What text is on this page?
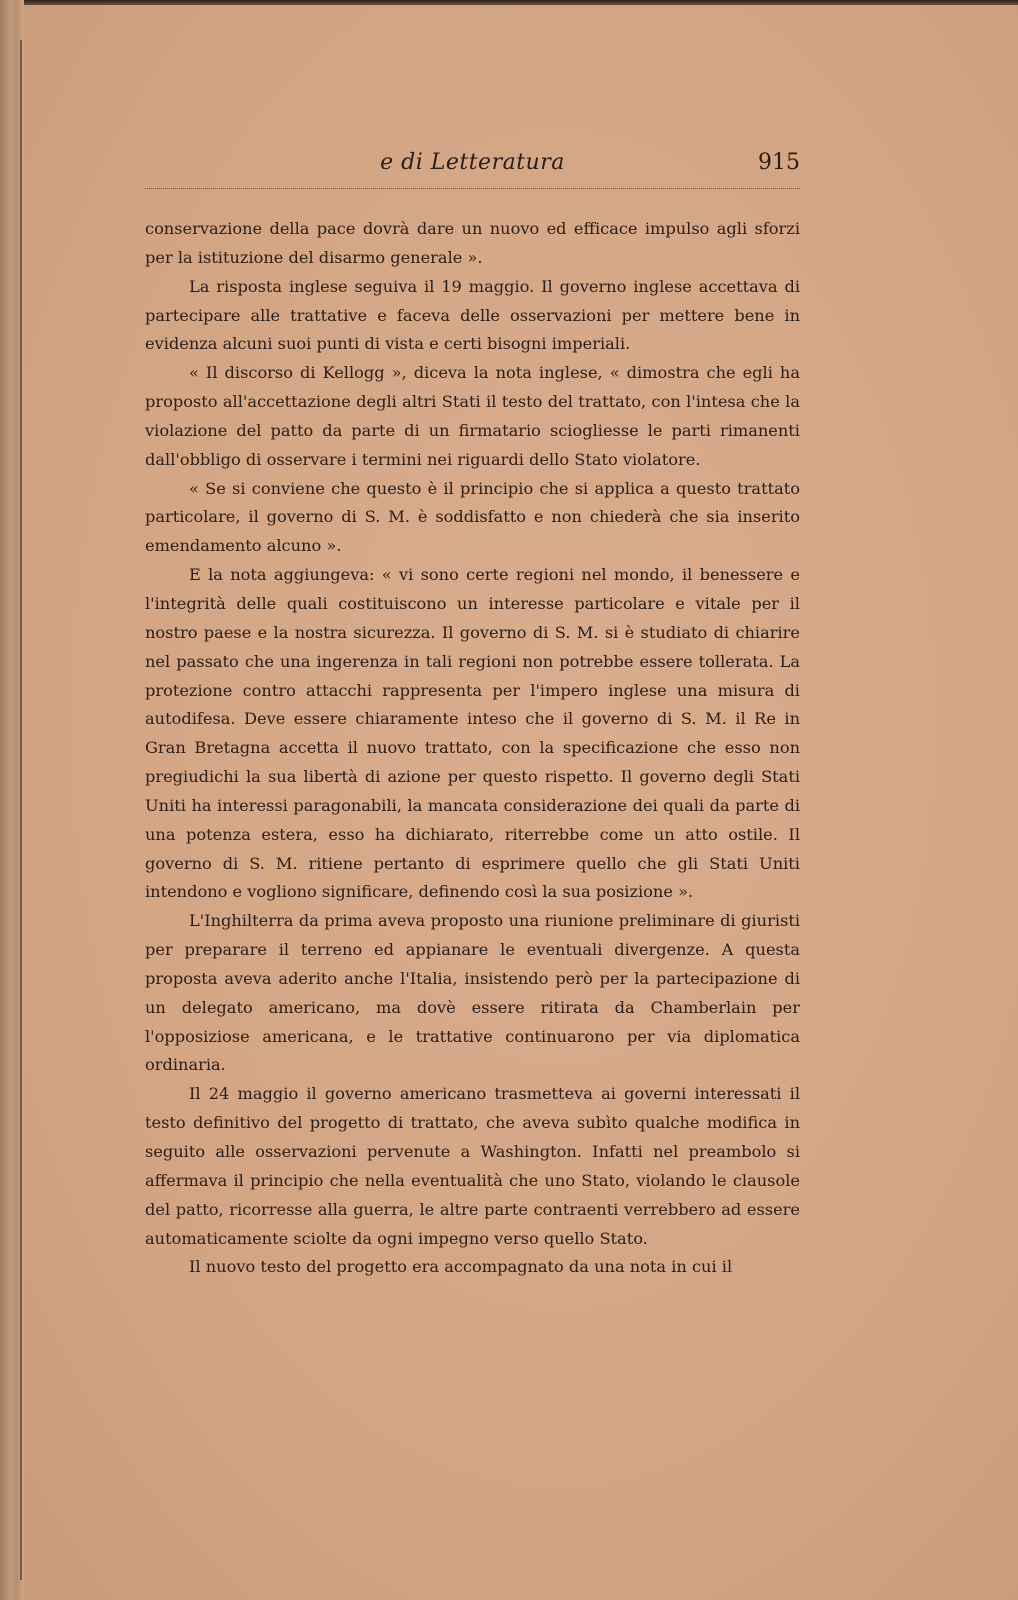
e di Letteratura	915

conservazione della pace dovrà dare un nuovo ed efficace impulso agli sforzi per la istituzione del disarmo generale ».

La risposta inglese seguiva il 19 maggio. Il governo inglese accettava di partecipare alle trattative e faceva delle osservazioni per mettere bene in evidenza alcuni suoi punti di vista e certi bisogni imperiali.

« Il discorso di Kellogg », diceva la nota inglese, « dimostra che egli ha proposto all'accettazione degli altri Stati il testo del trattato, con l'intesa che la violazione del patto da parte di un firmatario sciogliesse le parti rimanenti dall'obbligo di osservare i termini nei riguardi dello Stato violatore.

« Se si conviene che questo è il principio che si applica a questo trattato particolare, il governo di S. M. è soddisfatto e non chiederà che sia inserito emendamento alcuno ».

E la nota aggiungeva: « vi sono certe regioni nel mondo, il benessere e l'integrità delle quali costituiscono un interesse particolare e vitale per il nostro paese e la nostra sicurezza. Il governo di S. M. si è studiato di chiarire nel passato che una ingerenza in tali regioni non potrebbe essere tollerata. La protezione contro attacchi rappresenta per l'impero inglese una misura di autodifesa. Deve essere chiaramente inteso che il governo di S. M. il Re in Gran Bretagna accetta il nuovo trattato, con la specificazione che esso non pregiudichi la sua libertà di azione per questo rispetto. Il governo degli Stati Uniti ha interessi paragonabili, la mancata considerazione dei quali da parte di una potenza estera, esso ha dichiarato, riterrebbe come un atto ostile. Il governo di S. M. ritiene pertanto di esprimere quello che gli Stati Uniti intendono e vogliono significare, definendo così la sua posizione ».

L'Inghilterra da prima aveva proposto una riunione preliminare di giuristi per preparare il terreno ed appianare le eventuali divergenze. A questa proposta aveva aderito anche l'Italia, insistendo però per la partecipazione di un delegato americano, ma dovè essere ritirata da Chamberlain per l'opposiziose americana, e le trattative continuarono per via diplomatica ordinaria.

Il 24 maggio il governo americano trasmetteva ai governi interessati il testo definitivo del progetto di trattato, che aveva subìto qualche modifica in seguito alle osservazioni pervenute a Washington. Infatti nel preambolo si affermava il principio che nella eventualità che uno Stato, violando le clausole del patto, ricorresse alla guerra, le altre parte contraenti verrebbero ad essere automaticamente sciolte da ogni impegno verso quello Stato.

Il nuovo testo del progetto era accompagnato da una nota in cui il
